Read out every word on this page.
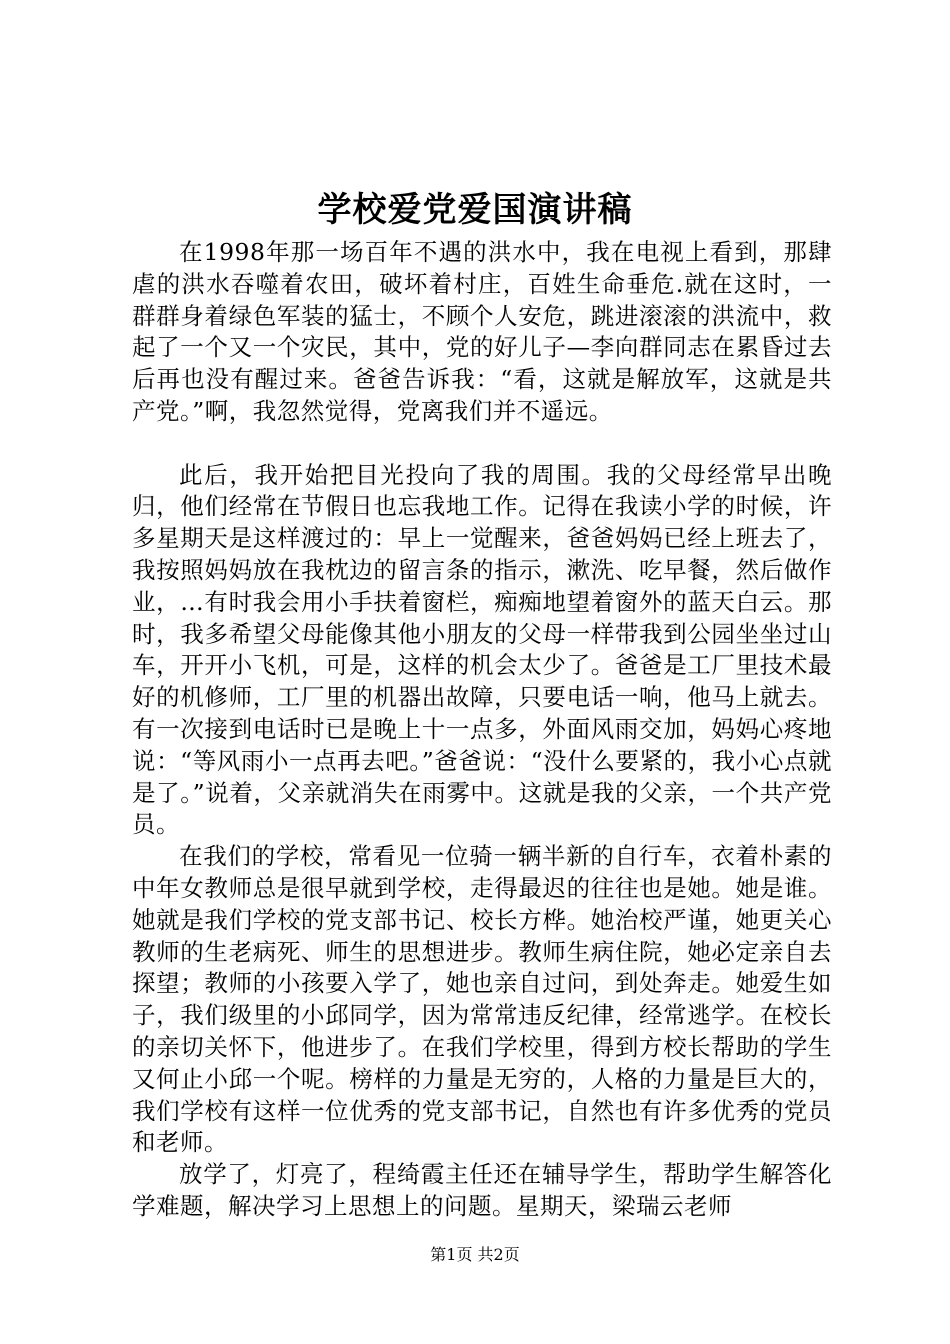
学校爱党爱国演讲稿

在1998年那一场百年不遇的洪水中，我在电视上看到，那肆虐的洪水吞噬着农田，破坏着村庄，百姓生命垂危.就在这时，一群群身着绿色军装的猛士，不顾个人安危，跳进滚滚的洪流中，救起了一个又一个灾民，其中，党的好儿子—李向群同志在累昏过去后再也没有醒过来。爸爸告诉我：“看，这就是解放军，这就是共产党。”啊，我忽然觉得，党离我们并不遥远。

此后，我开始把目光投向了我的周围。我的父母经常早出晚归，他们经常在节假日也忘我地工作。记得在我读小学的时候，许多星期天是这样渡过的：早上一觉醒来，爸爸妈妈已经上班去了，我按照妈妈放在我枕边的留言条的指示，漱洗、吃早餐，然后做作业，…有时我会用小手扶着窗栏，痴痴地望着窗外的蓝天白云。那时，我多希望父母能像其他小朋友的父母一样带我到公园坐坐过山车，开开小飞机，可是，这样的机会太少了。爸爸是工厂里技术最好的机修师，工厂里的机器出故障，只要电话一响，他马上就去。有一次接到电话时已是晚上十一点多，外面风雨交加，妈妈心疼地说：“等风雨小一点再去吧。”爸爸说：“没什么要紧的，我小心点就是了。”说着，父亲就消失在雨雾中。这就是我的父亲，一个共产党员。

在我们的学校，常看见一位骑一辆半新的自行车，衣着朴素的中年女教师总是很早就到学校，走得最迟的往往也是她。她是谁。她就是我们学校的党支部书记、校长方桦。她治校严谨，她更关心教师的生老病死、师生的思想进步。教师生病住院，她必定亲自去探望；教师的小孩要入学了，她也亲自过问，到处奔走。她爱生如子，我们级里的小邱同学，因为常常违反纪律，经常逃学。在校长的亲切关怀下，他进步了。在我们学校里，得到方校长帮助的学生又何止小邱一个呢。榜样的力量是无穷的，人格的力量是巨大的，我们学校有这样一位优秀的党支部书记，自然也有许多优秀的党员和老师。

放学了，灯亮了，程绮霞主任还在辅导学生，帮助学生解答化学难题，解决学习上思想上的问题。星期天，梁瑞云老师

第1页 共2页
